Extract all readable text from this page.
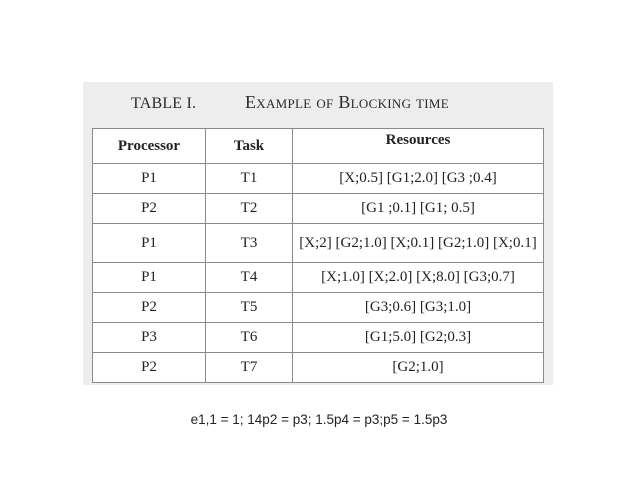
TABLE I.	Example of Blocking time
Processor	Task	Resources
P1	T1	[X;0.5] [G1;2.0] [G3 ;0.4]
P2	T2	[G1 ;0.1] [G1; 0.5]
P1	T3	[X;2] [G2;1.0] [X;0.1] [G2;1.0] [X;0.1]
P1	T4	[X;1.0] [X;2.0] [X;8.0] [G3;0.7]
P2	T5	[G3;0.6] [G3;1.0]
P3	T6	[G1;5.0] [G2;0.3]
P2	T7	[G2;1.0]
e1,1 = 1; 14p2 = p3; 1.5p4 = p3;p5 = 1.5p3
